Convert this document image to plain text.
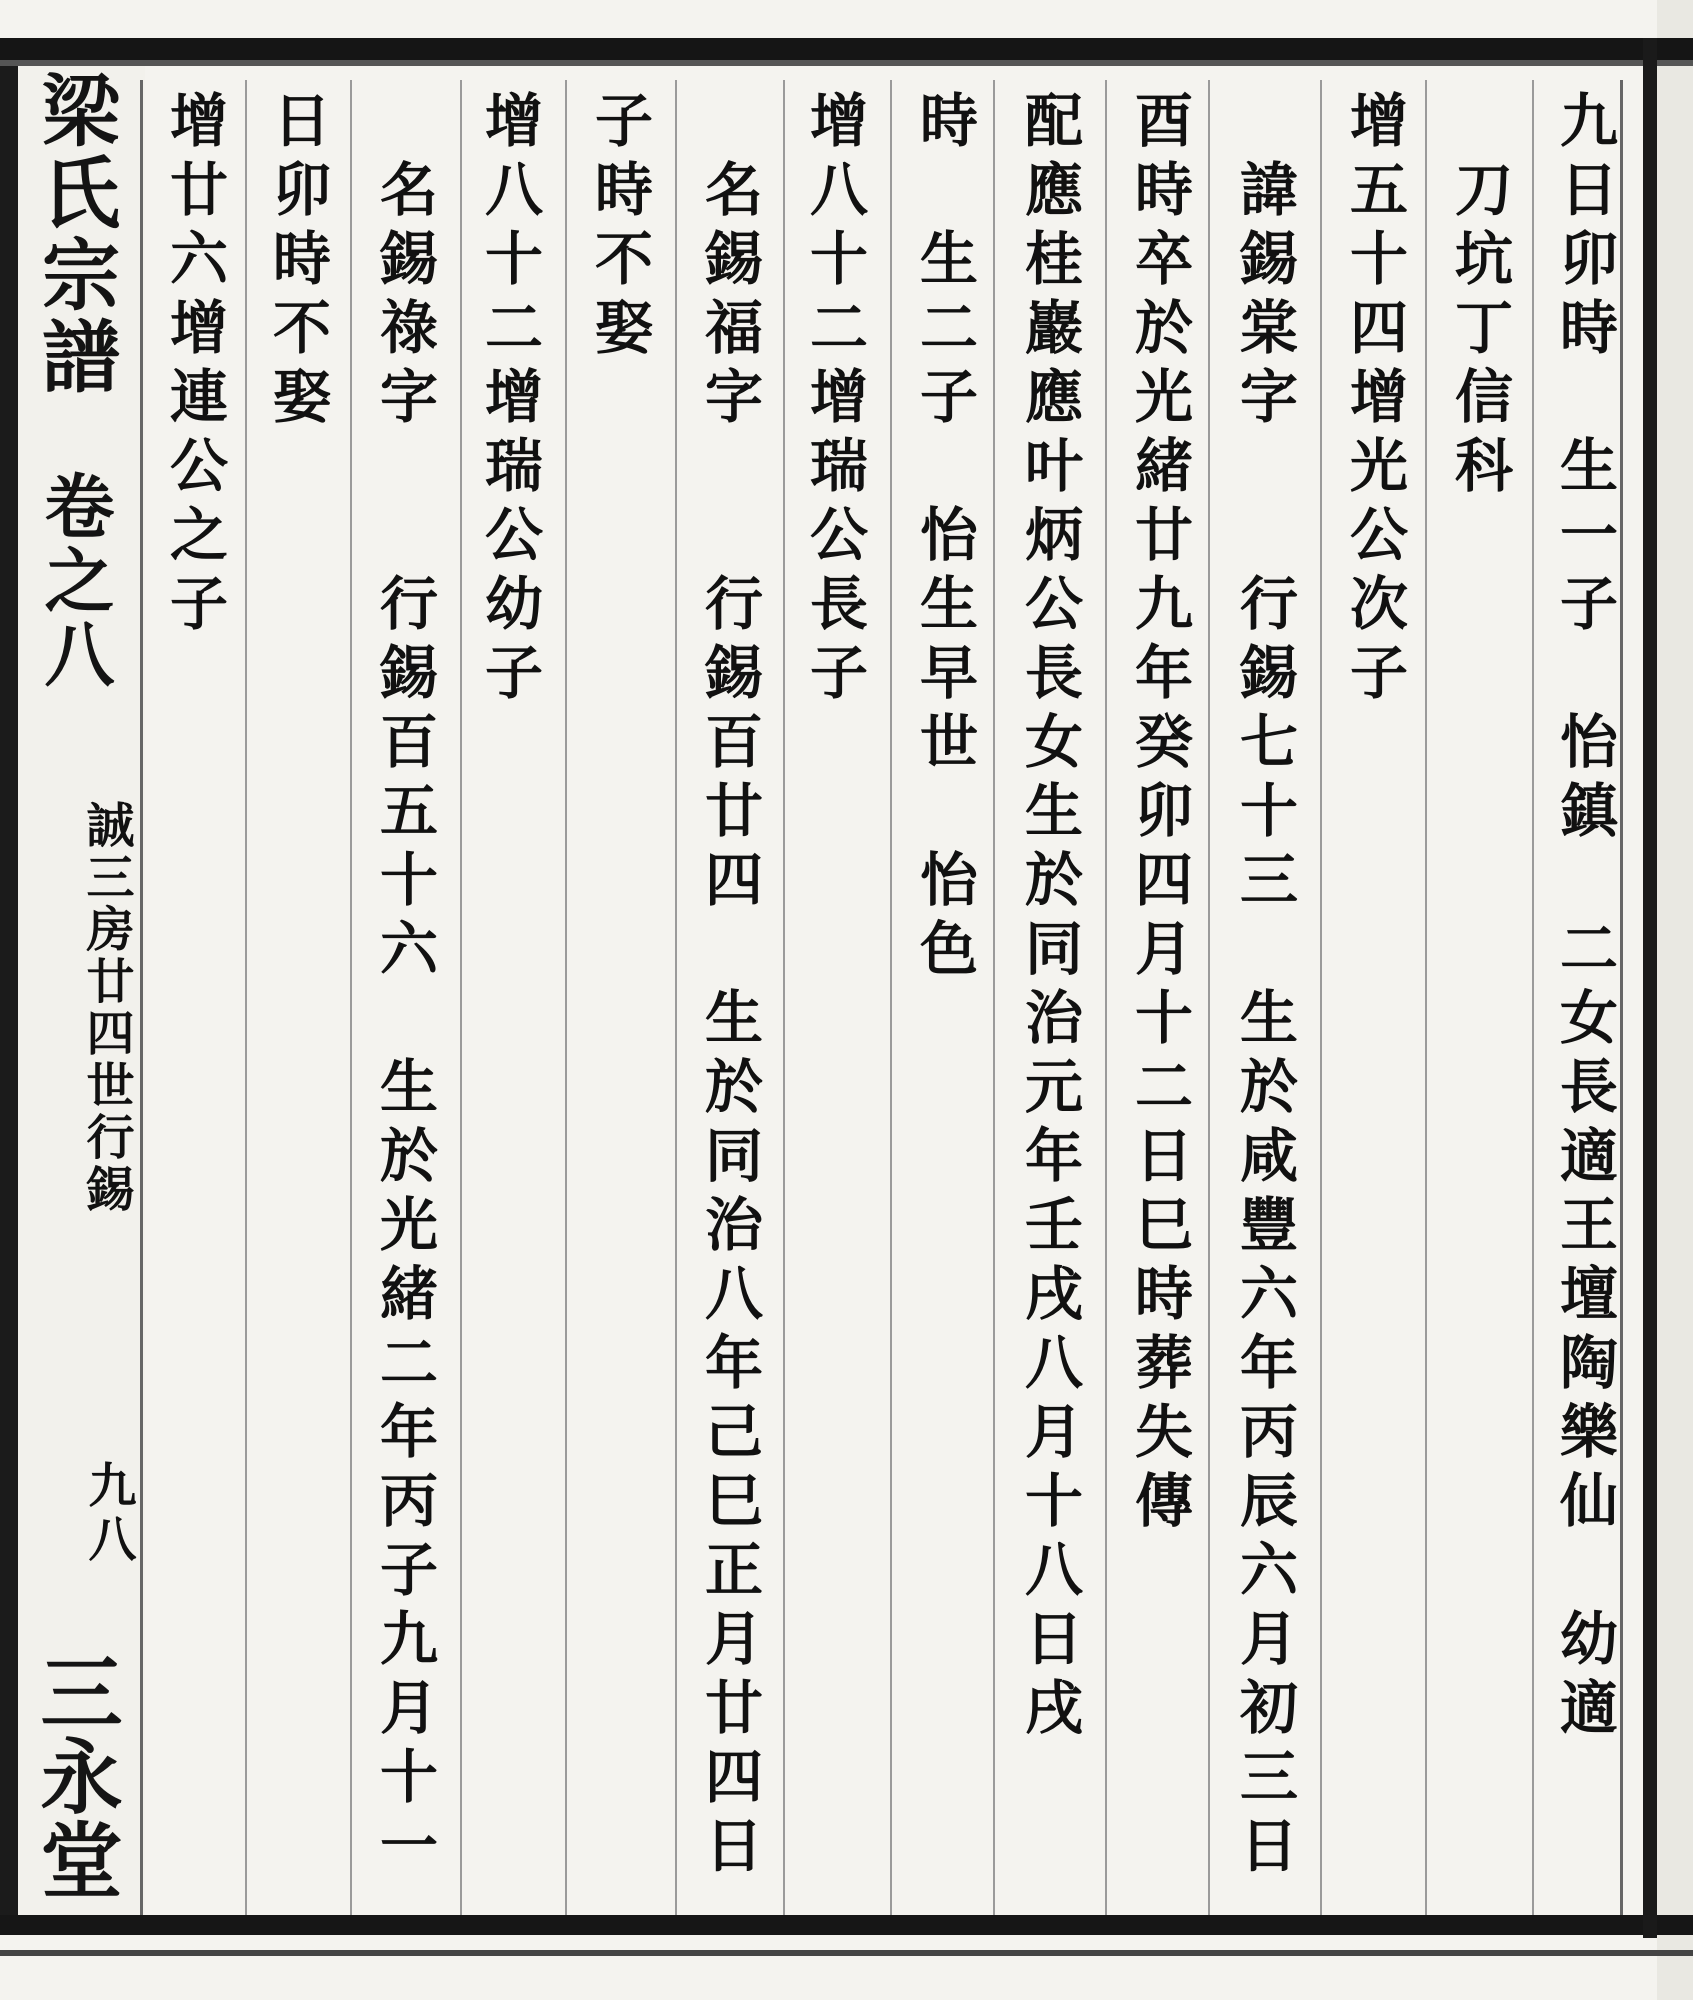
梁氏宗譜
卷之八
誠三房廿四世行錫
九八
三永堂
九日卯時　生一子　怡鎮　二女長適王壇陶樂仙　幼適
　刀坑丁信科
增五十四增光公次子
　諱錫棠字　　行錫七十三　生於咸豐六年丙辰六月初三日
酉時卒於光緒廿九年癸卯四月十二日巳時葬失傳
配應桂巖應叶炳公長女生於同治元年壬戌八月十八日戌
時　生二子　怡生早世　怡色
增八十二增瑞公長子
　名錫福字　　行錫百廿四　生於同治八年己巳正月廿四日
子時不娶
增八十二增瑞公幼子
　名錫祿字　　行錫百五十六　生於光緒二年丙子九月十一
日卯時不娶
增廿六增連公之子
